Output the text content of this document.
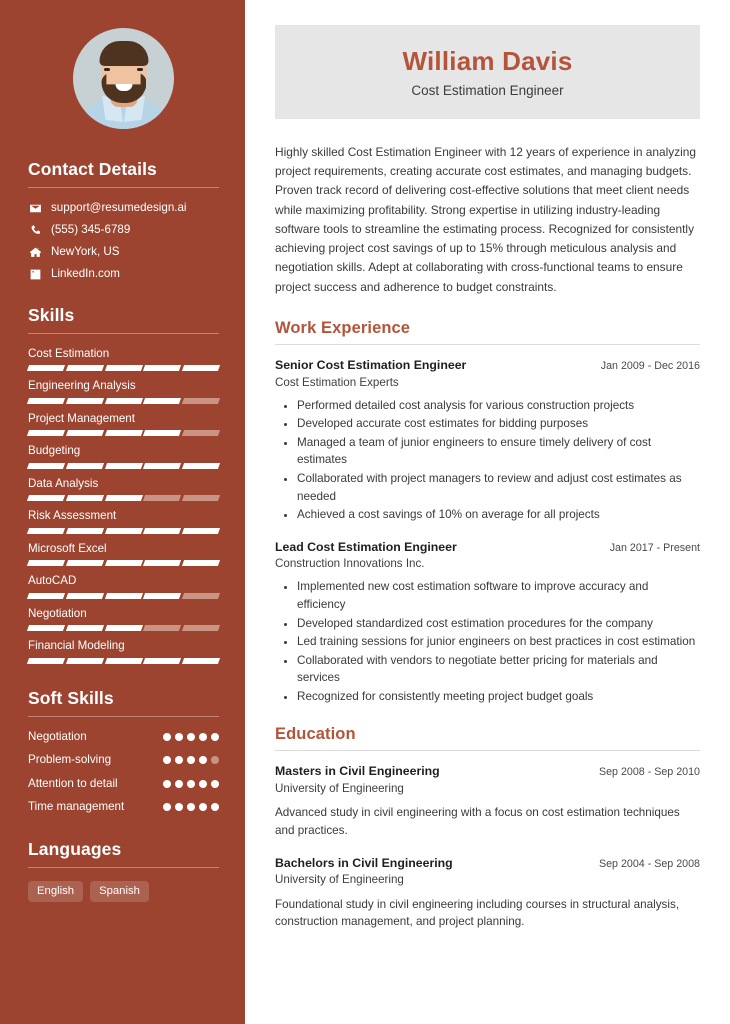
Contact Details
support@resumedesign.ai
(555) 345-6789
NewYork, US
LinkedIn.com
Skills
Cost Estimation
Engineering Analysis
Project Management
Budgeting
Data Analysis
Risk Assessment
Microsoft Excel
AutoCAD
Negotiation
Financial Modeling
Soft Skills
Negotiation
Problem-solving
Attention to detail
Time management
Languages
English	Spanish
William Davis
Cost Estimation Engineer
Highly skilled Cost Estimation Engineer with 12 years of experience in analyzing project requirements, creating accurate cost estimates, and managing budgets. Proven track record of delivering cost-effective solutions that meet client needs while maximizing profitability. Strong expertise in utilizing industry-leading software tools to streamline the estimating process. Recognized for consistently achieving project cost savings of up to 15% through meticulous analysis and negotiation skills. Adept at collaborating with cross-functional teams to ensure project success and adherence to budget constraints.
Work Experience
Senior Cost Estimation Engineer	Jan 2009 - Dec 2016
Cost Estimation Experts
• Performed detailed cost analysis for various construction projects
• Developed accurate cost estimates for bidding purposes
• Managed a team of junior engineers to ensure timely delivery of cost estimates
• Collaborated with project managers to review and adjust cost estimates as needed
• Achieved a cost savings of 10% on average for all projects
Lead Cost Estimation Engineer	Jan 2017 - Present
Construction Innovations Inc.
• Implemented new cost estimation software to improve accuracy and efficiency
• Developed standardized cost estimation procedures for the company
• Led training sessions for junior engineers on best practices in cost estimation
• Collaborated with vendors to negotiate better pricing for materials and services
• Recognized for consistently meeting project budget goals
Education
Masters in Civil Engineering	Sep 2008 - Sep 2010
University of Engineering
Advanced study in civil engineering with a focus on cost estimation techniques and practices.
Bachelors in Civil Engineering	Sep 2004 - Sep 2008
University of Engineering
Foundational study in civil engineering including courses in structural analysis, construction management, and project planning.
